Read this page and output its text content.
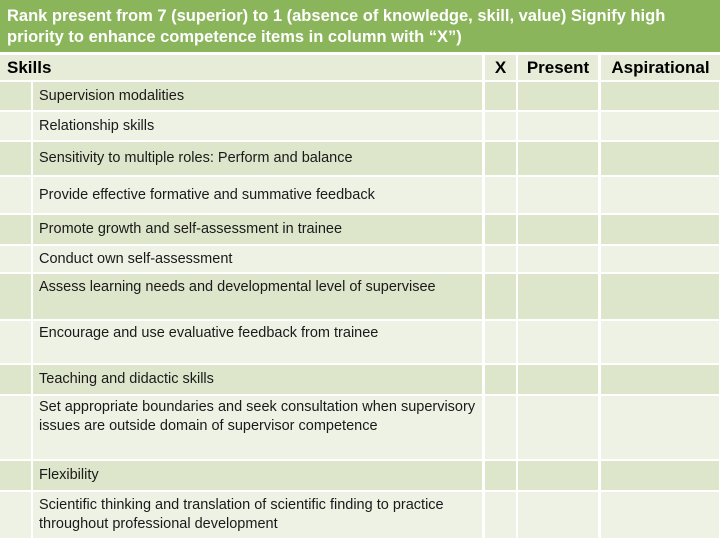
Rank present from 7 (superior) to 1 (absence of knowledge, skill, value) Signify high priority to enhance competence items in column with “X”)
Skills	X	Present	Aspirational
Supervision modalities
Relationship skills
Sensitivity to multiple roles: Perform and balance
Provide effective formative and summative feedback
Promote growth and self-assessment in trainee
Conduct own self-assessment
Assess learning needs and developmental level of supervisee
Encourage and use evaluative feedback from trainee
Teaching and didactic skills
Set appropriate boundaries and seek consultation when supervisory issues are outside domain of supervisor competence
Flexibility
Scientific thinking and translation of scientific finding to practice throughout professional development
